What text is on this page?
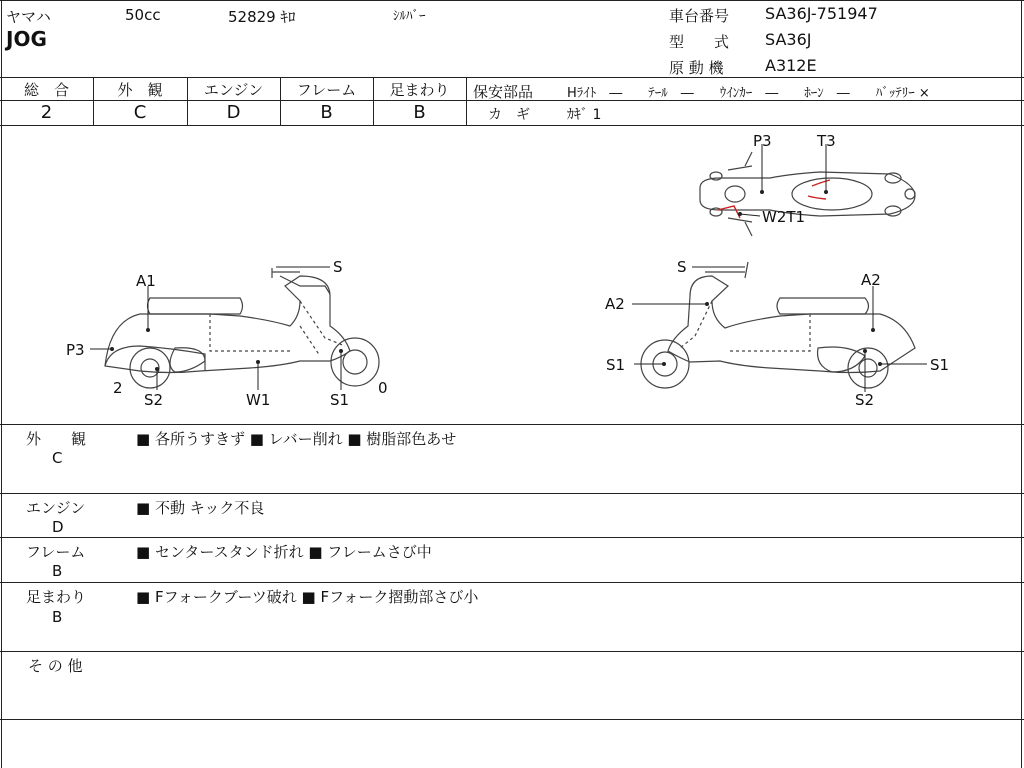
ヤマハ	50cc	52829 ｷﾛ	ｼﾙﾊﾞｰ
JOG
車台番号 SA36J-751947
型　　式 SA36J
原 動 機	A312E
総　合	外　観	エンジン	フレーム	足まわり
2	C	D	B	B
保安部品	Hﾗｲﾄ　―　　ﾃｰﾙ　―　　ｳｲﾝｶｰ　―　　ﾎｰﾝ　―　　ﾊﾞｯﾃﾘｰ ×
カ　ギ	ｶｷﾞ 1
P3	T3
W2T1
S
A1
P3
2
S2	W1	S1
0
S
A2
A2
S1	S1
S2
外　　観
C
■ 各所うすきず ■ レバー削れ ■ 樹脂部色あせ
エンジン
D
■ 不動 キック不良
フレーム
B
■ センタースタンド折れ ■ フレームさび中
足まわり
B
■ Fフォークブーツ破れ ■ Fフォーク摺動部さび小
そ の 他
